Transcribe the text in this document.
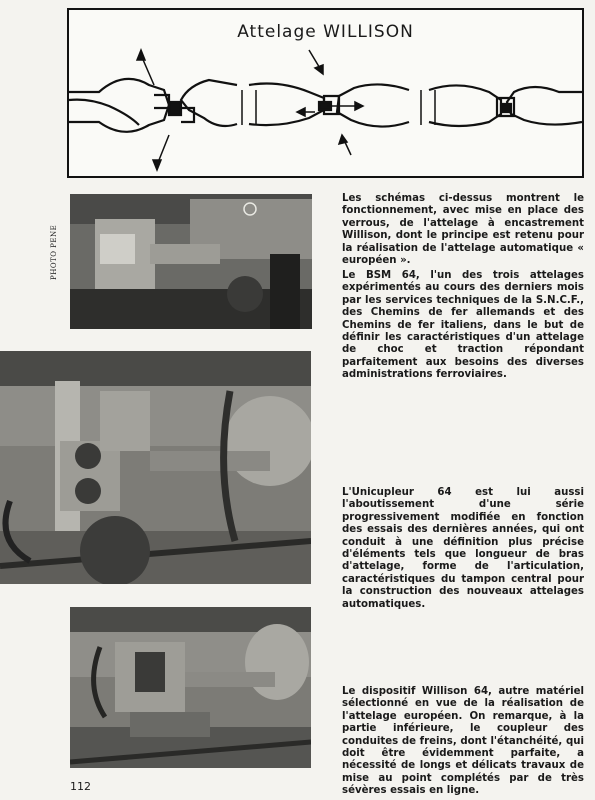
Attelage WILLISON
PHOTO PENE

Les schémas ci-dessus montrent le fonctionnement, avec mise en place des verrous, de l'attelage à encastrement Willison, dont le principe est retenu pour la réalisation de l'attelage automatique « européen ».

Le BSM 64, l'un des trois attelages expérimentés au cours des derniers mois par les services techniques de la S.N.C.F., des Chemins de fer allemands et des Chemins de fer italiens, dans le but de définir les caractéristiques d'un attelage de choc et traction répondant parfaitement aux besoins des diverses administrations ferroviaires.

L'Unicupleur 64 est lui aussi l'aboutissement d'une série progressivement modifiée en fonction des essais des dernières années, qui ont conduit à une définition plus précise d'éléments tels que longueur de bras d'attelage, forme de l'articulation, caractéristiques du tampon central pour la construction des nouveaux attelages automatiques.

Le dispositif Willison 64, autre matériel sélectionné en vue de la réalisation de l'attelage européen. On remarque, à la partie inférieure, le coupleur des conduites de freins, dont l'étanchéité, qui doit être évidemment parfaite, a nécessité de longs et délicats travaux de mise au point complétés par de très sévères essais en ligne.

112
